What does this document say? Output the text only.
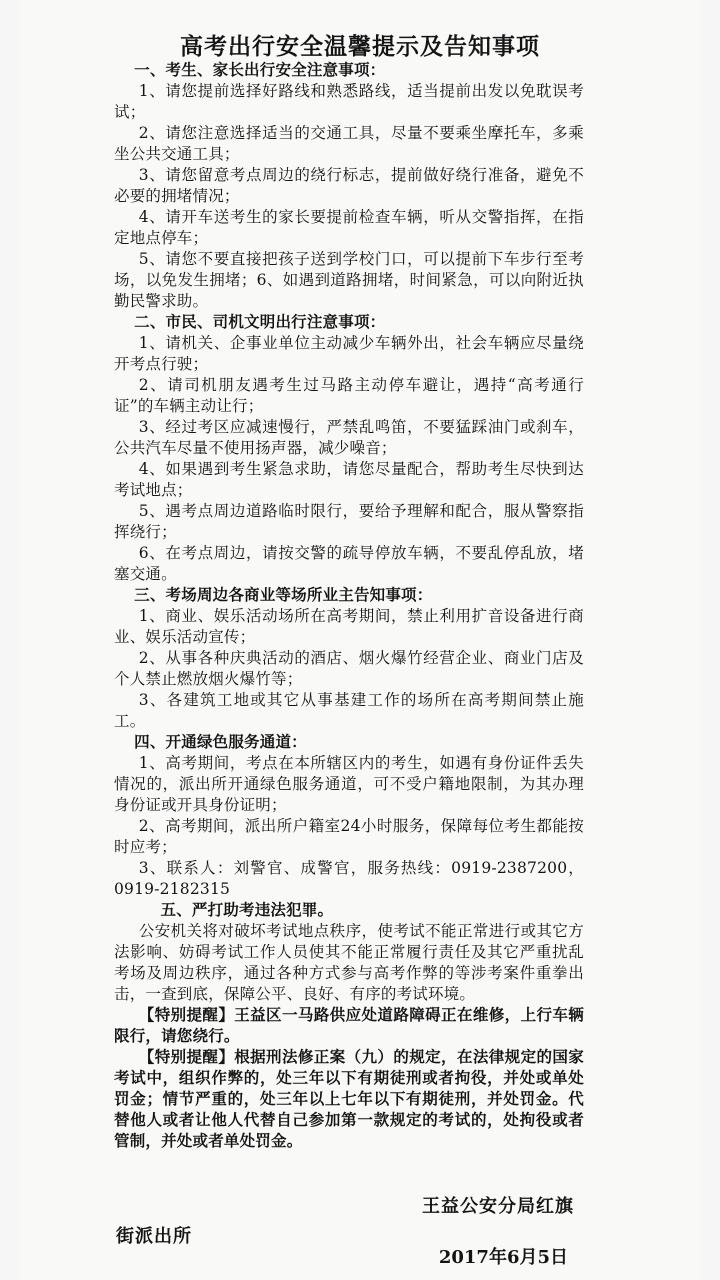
高考出行安全温馨提示及告知事项

一、考生、家长出行安全注意事项：

1、请您提前选择好路线和熟悉路线，适当提前出发以免耽误考试；

2、请您注意选择适当的交通工具，尽量不要乘坐摩托车，多乘坐公共交通工具；

3、请您留意考点周边的绕行标志，提前做好绕行准备，避免不必要的拥堵情况；

4、请开车送考生的家长要提前检查车辆，听从交警指挥，在指定地点停车；

5、请您不要直接把孩子送到学校门口，可以提前下车步行至考场，以免发生拥堵；6、如遇到道路拥堵，时间紧急，可以向附近执勤民警求助。

二、市民、司机文明出行注意事项：

1、请机关、企事业单位主动减少车辆外出，社会车辆应尽量绕开考点行驶；

2、请司机朋友遇考生过马路主动停车避让，遇持“高考通行证”的车辆主动让行；

3、经过考区应减速慢行，严禁乱鸣笛，不要猛踩油门或刹车，公共汽车尽量不使用扬声器，减少噪音；

4、如果遇到考生紧急求助，请您尽量配合，帮助考生尽快到达考试地点；

5、遇考点周边道路临时限行，要给予理解和配合，服从警察指挥绕行；

6、在考点周边，请按交警的疏导停放车辆，不要乱停乱放，堵塞交通。

三、考场周边各商业等场所业主告知事项：

1、商业、娱乐活动场所在高考期间，禁止利用扩音设备进行商业、娱乐活动宣传；

2、从事各种庆典活动的酒店、烟火爆竹经营企业、商业门店及个人禁止燃放烟火爆竹等；

3、各建筑工地或其它从事基建工作的场所在高考期间禁止施工。

四、开通绿色服务通道：

1、高考期间，考点在本所辖区内的考生，如遇有身份证件丢失情况的，派出所开通绿色服务通道，可不受户籍地限制，为其办理身份证或开具身份证明；

2、高考期间，派出所户籍室24小时服务，保障每位考生都能按时应考；

3、联系人：刘警官、成警官，服务热线：0919-2387200，0919-2182315

五、严打助考违法犯罪。

公安机关将对破坏考试地点秩序，使考试不能正常进行或其它方法影响、妨碍考试工作人员使其不能正常履行责任及其它严重扰乱考场及周边秩序，通过各种方式参与高考作弊的等涉考案件重拳出击，一查到底，保障公平、良好、有序的考试环境。

【特别提醒】王益区一马路供应处道路障碍正在维修，上行车辆限行，请您绕行。

【特别提醒】根据刑法修正案（九）的规定，在法律规定的国家考试中，组织作弊的，处三年以下有期徒刑或者拘役，并处或单处罚金；情节严重的，处三年以上七年以下有期徒刑，并处罚金。代替他人或者让他人代替自己参加第一款规定的考试的，处拘役或者管制，并处或者单处罚金。

王益公安分局红旗
街派出所
2017年6月5日
